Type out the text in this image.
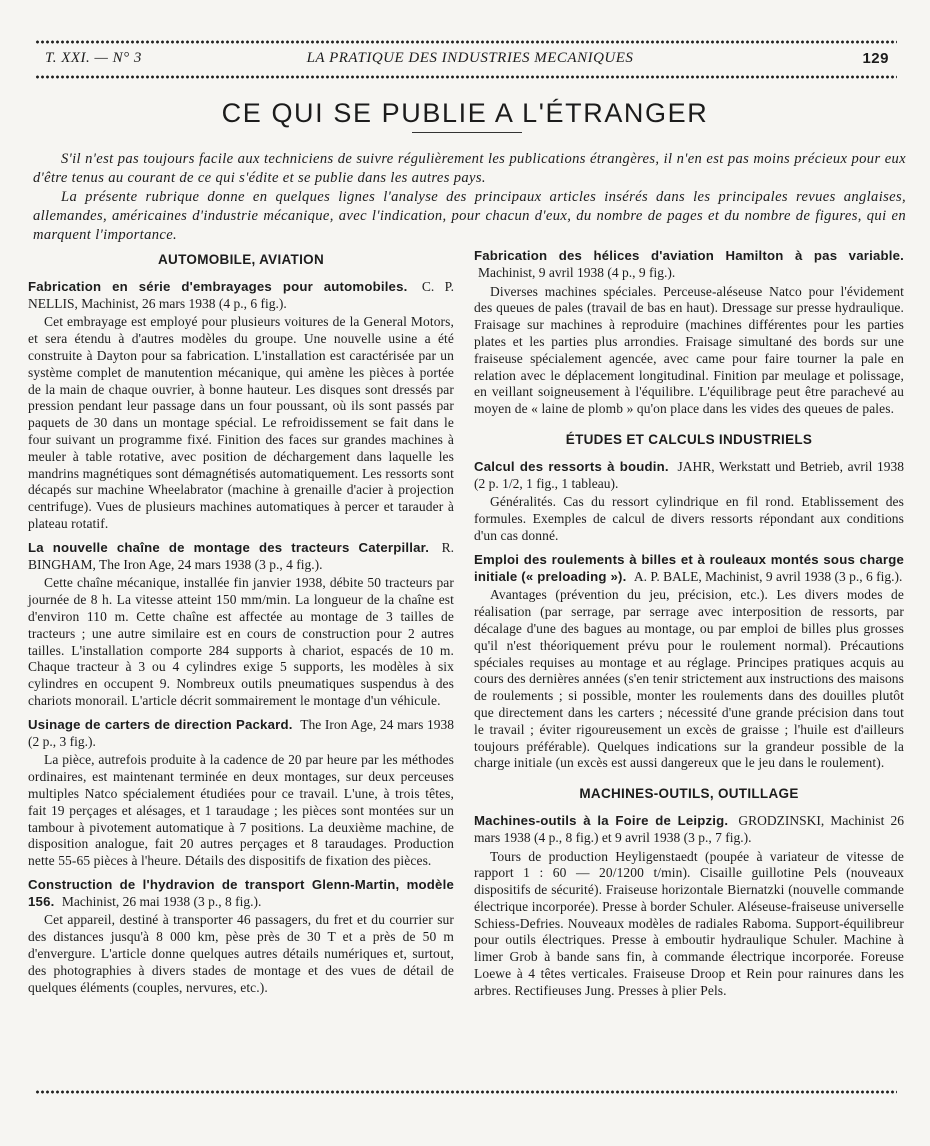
T. XXI. — N° 3	LA PRATIQUE DES INDUSTRIES MECANIQUES	129
CE QUI SE PUBLIE A L'ÉTRANGER

S'il n'est pas toujours facile aux techniciens de suivre régulièrement les publications étrangères, il n'en est pas moins précieux pour eux d'être tenus au courant de ce qui s'édite et se publie dans les autres pays.

La présente rubrique donne en quelques lignes l'analyse des principaux articles insérés dans les principales revues anglaises, allemandes, américaines d'industrie mécanique, avec l'indication, pour chacun d'eux, du nombre de pages et du nombre de figures, qui en marquent l'importance.

AUTOMOBILE, AVIATION

Fabrication en série d'embrayages pour automobiles. C. P. NELLIS, Machinist, 26 mars 1938 (4 p., 6 fig.).

Cet embrayage est employé pour plusieurs voitures de la General Motors, et sera étendu à d'autres modèles du groupe. Une nouvelle usine a été construite à Dayton pour sa fabrication. L'installation est caractérisée par un système complet de manutention mécanique, qui amène les pièces à portée de la main de chaque ouvrier, à bonne hauteur. Les disques sont dressés par pression pendant leur passage dans un four poussant, où ils sont passés par paquets de 30 dans un montage spécial. Le refroidissement se fait dans le four suivant un programme fixé. Finition des faces sur grandes machines à meuler à table rotative, avec position de déchargement dans laquelle les mandrins magnétiques sont démagnétisés automatiquement. Les ressorts sont décapés sur machine Wheelabrator (machine à grenaille d'acier à projection centrifuge). Vues de plusieurs machines automatiques à percer et tarauder à plateau rotatif.

La nouvelle chaîne de montage des tracteurs Caterpillar. R. BINGHAM, The Iron Age, 24 mars 1938 (3 p., 4 fig.).

Cette chaîne mécanique, installée fin janvier 1938, débite 50 tracteurs par journée de 8 h. La vitesse atteint 150 mm/min. La longueur de la chaîne est d'environ 110 m. Cette chaîne est affectée au montage de 3 tailles de tracteurs ; une autre similaire est en cours de construction pour 2 autres tailles. L'installation comporte 284 supports à chariot, espacés de 10 m. Chaque tracteur à 3 ou 4 cylindres exige 5 supports, les modèles à six cylindres en occupent 9. Nombreux outils pneumatiques suspendus à des chariots monorail. L'article décrit sommairement le montage d'un véhicule.

Usinage de carters de direction Packard. The Iron Age, 24 mars 1938 (2 p., 3 fig.).

La pièce, autrefois produite à la cadence de 20 par heure par les méthodes ordinaires, est maintenant terminée en deux montages, sur deux perceuses multiples Natco spécialement étudiées pour ce travail. L'une, à trois têtes, fait 19 perçages et alésages, et 1 taraudage ; les pièces sont montées sur un tambour à pivotement automatique à 7 positions. La deuxième machine, de disposition analogue, fait 20 autres perçages et 8 taraudages. Production nette 55-65 pièces à l'heure. Détails des dispositifs de fixation des pièces.

Construction de l'hydravion de transport Glenn-Martin, modèle 156. Machinist, 26 mai 1938 (3 p., 8 fig.).

Cet appareil, destiné à transporter 46 passagers, du fret et du courrier sur des distances jusqu'à 8 000 km, pèse près de 30 T et a près de 50 m d'envergure. L'article donne quelques autres détails numériques et, surtout, des photographies à divers stades de montage et des vues de détail de quelques éléments (couples, nervures, etc.).

Fabrication des hélices d'aviation Hamilton à pas variable. Machinist, 9 avril 1938 (4 p., 9 fig.).

Diverses machines spéciales. Perceuse-aléseuse Natco pour l'évidement des queues de pales (travail de bas en haut). Dressage sur presse hydraulique. Fraisage sur machines à reproduire (machines différentes pour les parties plates et les parties plus arrondies. Fraisage simultané des bords sur une fraiseuse spécialement agencée, avec came pour faire tourner la pale en relation avec le déplacement longitudinal. Finition par meulage et polissage, en veillant soigneusement à l'équilibre. L'équilibrage peut être parachevé au moyen de « laine de plomb » qu'on place dans les vides des queues de pales.

ÉTUDES ET CALCULS INDUSTRIELS

Calcul des ressorts à boudin. JAHR, Werkstatt und Betrieb, avril 1938 (2 p. 1/2, 1 fig., 1 tableau).

Généralités. Cas du ressort cylindrique en fil rond. Etablissement des formules. Exemples de calcul de divers ressorts répondant aux conditions d'un cas donné.

Emploi des roulements à billes et à rouleaux montés sous charge initiale (« preloading »). A. P. BALE, Machinist, 9 avril 1938 (3 p., 6 fig.).

Avantages (prévention du jeu, précision, etc.). Les divers modes de réalisation (par serrage, par serrage avec interposition de ressorts, par décalage d'une des bagues au montage, ou par emploi de billes plus grosses qu'il n'est théoriquement prévu pour le roulement normal). Précautions spéciales requises au montage et au réglage. Principes pratiques acquis au cours des dernières années (s'en tenir strictement aux instructions des maisons de roulements ; si possible, monter les roulements dans des douilles plutôt que directement dans les carters ; nécessité d'une grande précision dans tout le travail ; éviter rigoureusement un excès de graisse ; l'huile est d'ailleurs toujours préférable). Quelques indications sur la grandeur possible de la charge initiale (un excès est aussi dangereux que le jeu dans le roulement).

MACHINES-OUTILS, OUTILLAGE

Machines-outils à la Foire de Leipzig. GRODZINSKI, Machinist 26 mars 1938 (4 p., 8 fig.) et 9 avril 1938 (3 p., 7 fig.).

Tours de production Heyligenstaedt (poupée à variateur de vitesse de rapport 1 : 60 — 20/1200 t/min). Cisaille guillotine Pels (nouveaux dispositifs de sécurité). Fraiseuse horizontale Biernatzki (nouvelle commande électrique incorporée). Presse à border Schuler. Aléseuse-fraiseuse universelle Schiess-Defries. Nouveaux modèles de radiales Raboma. Support-équilibreur pour outils électriques. Presse à emboutir hydraulique Schuler. Machine à limer Grob à bande sans fin, à commande électrique incorporée. Foreuse Loewe à 4 têtes verticales. Fraiseuse Droop et Rein pour rainures dans les arbres. Rectifieuses Jung. Presses à plier Pels.
